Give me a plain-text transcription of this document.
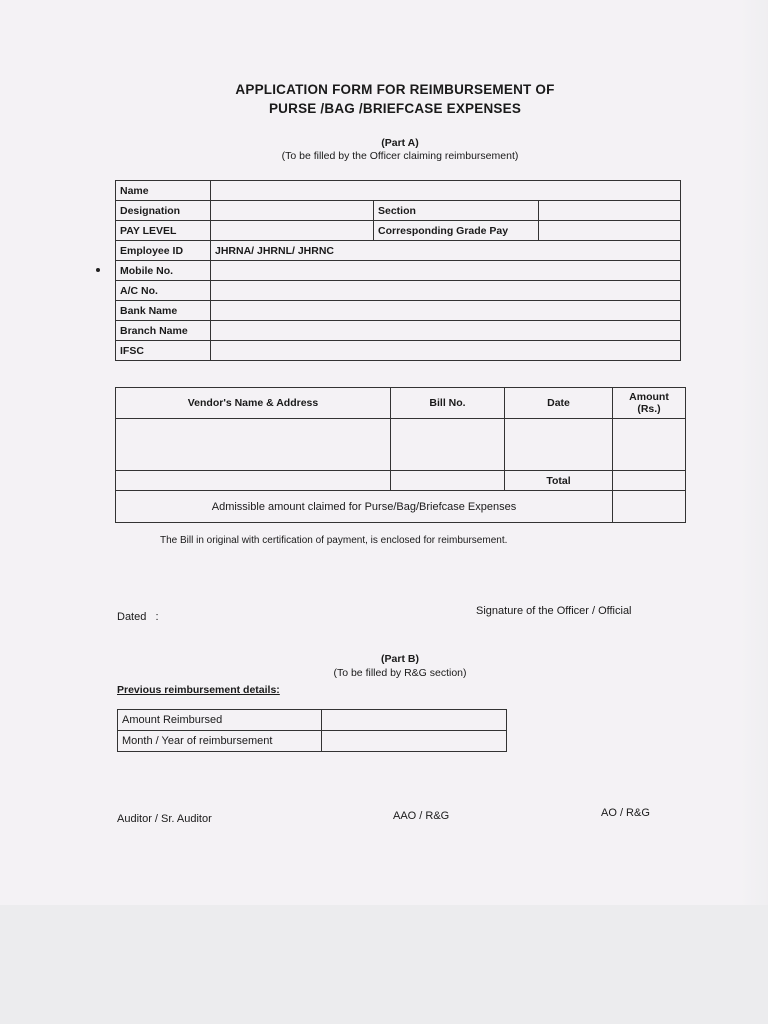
APPLICATION FORM FOR REIMBURSEMENT OF
PURSE /BAG /BRIEFCASE EXPENSES
(Part A)
(To be filled by the Officer claiming reimbursement)
Name			
Designation		Section	
PAY LEVEL		Corresponding Grade Pay	
Employee ID	JHRNA/ JHRNL/ JHRNC		
Mobile No.			
A/C No.			
Bank Name			
Branch Name			
IFSC			
Vendor's Name & Address	Bill No.	Date	Amount (Rs.)

		Total	
Admissible amount claimed for Purse/Bag/Briefcase Expenses			
The Bill in original with certification of payment, is enclosed for reimbursement.
Dated   :	Signature of the Officer / Official
(Part B)
(To be filled by R&G section)
Previous reimbursement details:
Amount Reimbursed	
Month / Year of reimbursement	
Auditor / Sr. Auditor	AAO / R&G	AO / R&G
